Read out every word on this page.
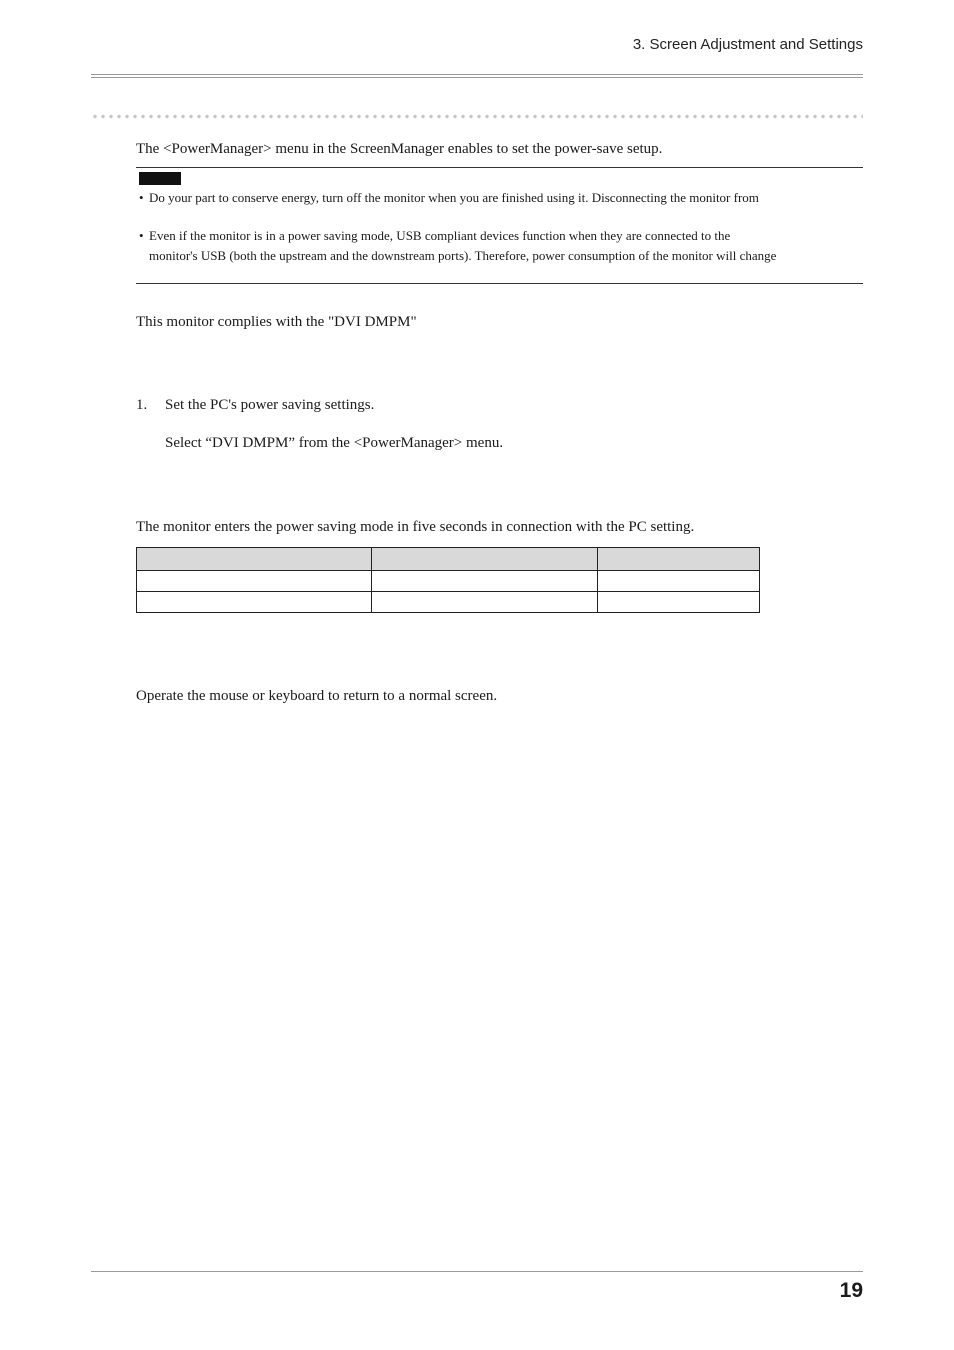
3. Screen Adjustment and Settings
The <PowerManager> menu in the ScreenManager enables to set the power-save setup.
• Do your part to conserve energy, turn off the monitor when you are finished using it. Disconnecting the monitor from
• Even if the monitor is in a power saving mode, USB compliant devices function when they are connected to the
monitor's USB (both the upstream and the downstream ports). Therefore, power consumption of the monitor will change
This monitor complies with the "DVI DMPM"
1. Set the PC's power saving settings.
Select “DVI DMPM” from the <PowerManager> menu.
The monitor enters the power saving mode in five seconds in connection with the PC setting.

Operate the mouse or keyboard to return to a normal screen.
19
